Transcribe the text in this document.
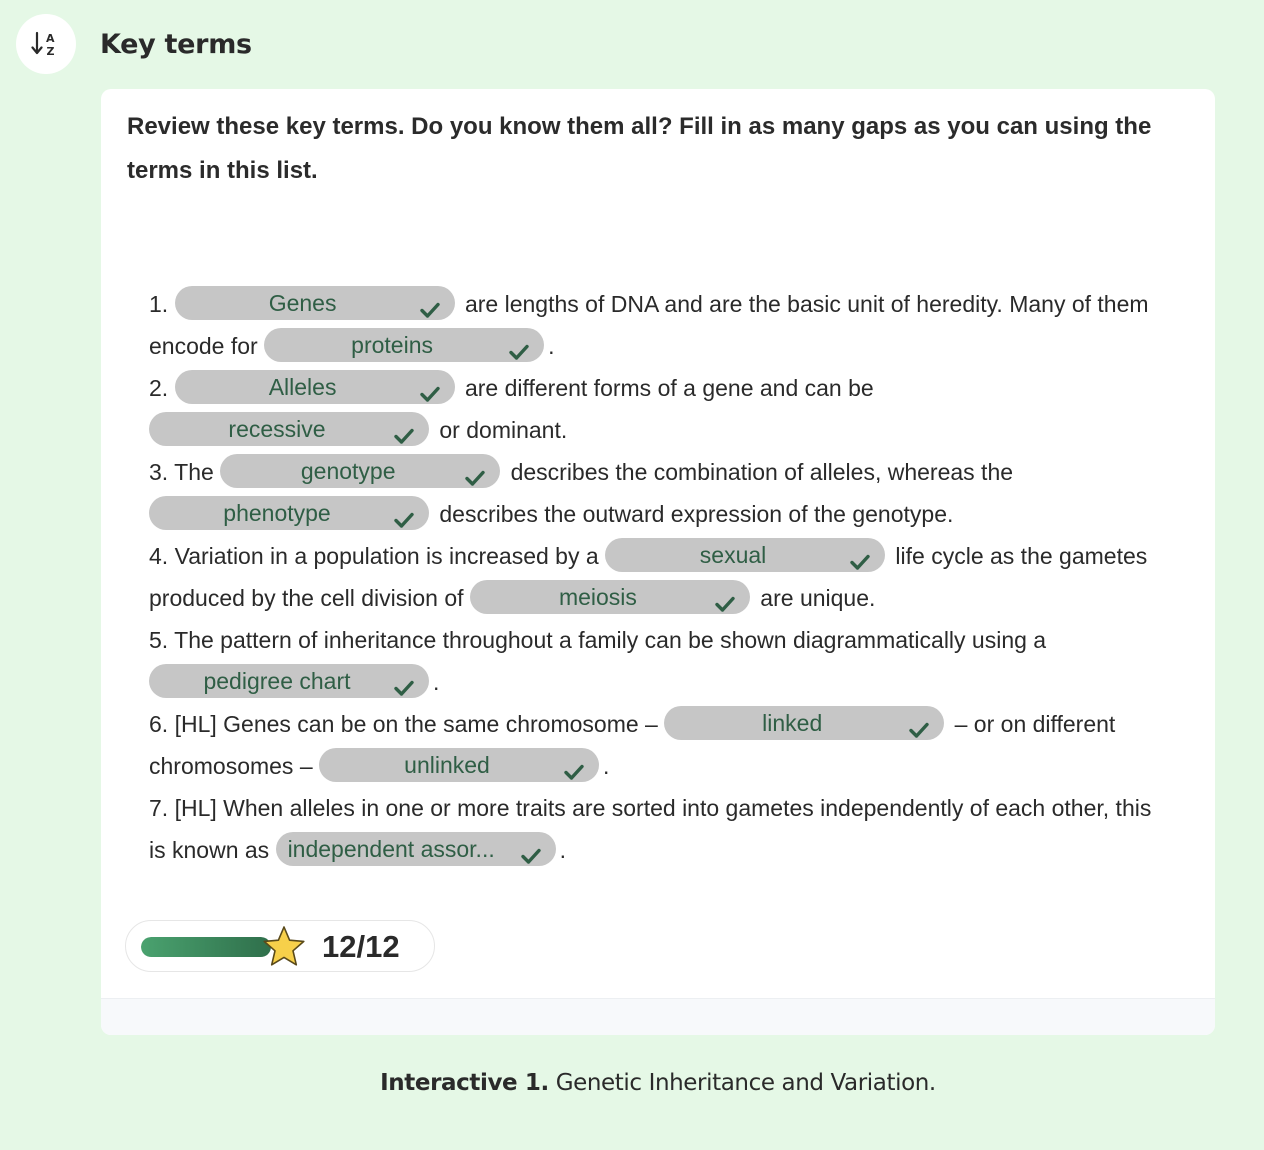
A
Z Key terms
Review these key terms. Do you know them all? Fill in as many gaps as you can using the terms in this list.

1.	Genes	are lengths of DNA and are the basic unit of heredity. Many of them encode for	proteins	.

2.	Alleles	are different forms of a gene and can be

recessive	or dominant.

3. The	genotype	describes the combination of alleles, whereas the

phenotype	describes the outward expression of the genotype.

4. Variation in a population is increased by a	sexual	life cycle as the gametes produced by the cell division of	meiosis	are unique.

5. The pattern of inheritance throughout a family can be shown diagrammatically using a

pedigree chart	.

6. [HL] Genes can be on the same chromosome –	linked	– or on different chromosomes –	unlinked	.

7. [HL] When alleles in one or more traits are sorted into gametes independently of each other, this is known as independent assor...	.

12/12
Interactive 1. Genetic Inheritance and Variation.
